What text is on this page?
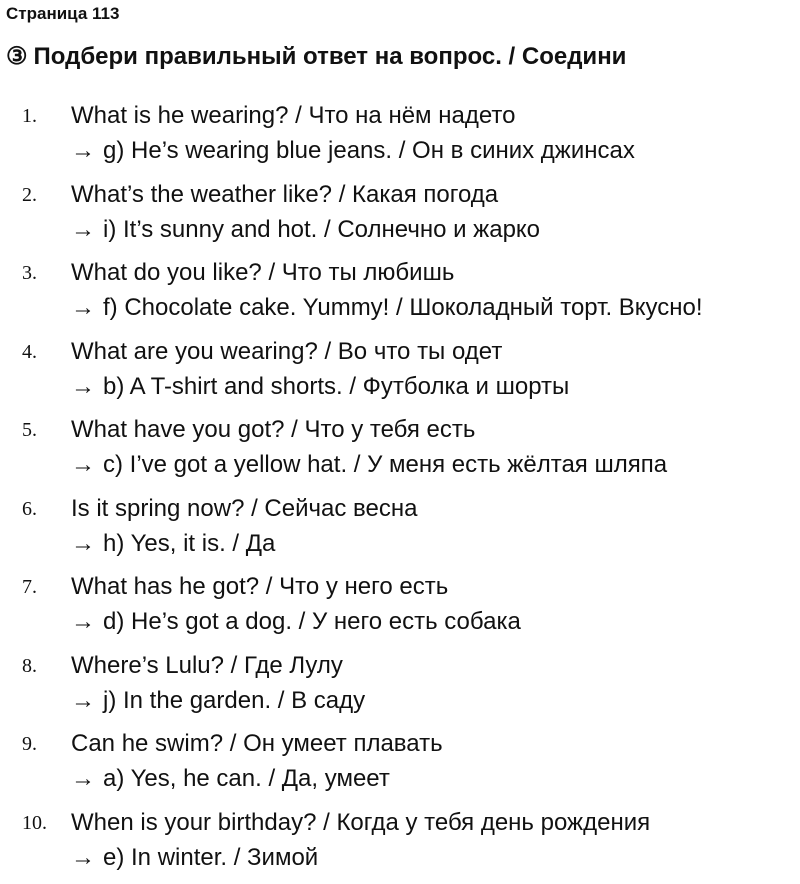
Страница 113
③ Подбери правильный ответ на вопрос. / Соедини
1. What is he wearing? / Что на нём надето
→ g) He’s wearing blue jeans. / Он в синих джинсах
2. What’s the weather like? / Какая погода
→ i) It’s sunny and hot. / Солнечно и жарко
3. What do you like? / Что ты любишь
→ f) Chocolate cake. Yummy! / Шоколадный торт. Вкусно!
4. What are you wearing? / Во что ты одет
→ b) A T-shirt and shorts. / Футболка и шорты
5. What have you got? / Что у тебя есть
→ c) I’ve got a yellow hat. / У меня есть жёлтая шляпа
6. Is it spring now? / Сейчас весна
→ h) Yes, it is. / Да
7. What has he got? / Что у него есть
→ d) He’s got a dog. / У него есть собака
8. Where’s Lulu? / Где Лулу
→ j) In the garden. / В саду
9. Can he swim? / Он умеет плавать
→ a) Yes, he can. / Да, умеет
10. When is your birthday? / Когда у тебя день рождения
→ e) In winter. / Зимой
